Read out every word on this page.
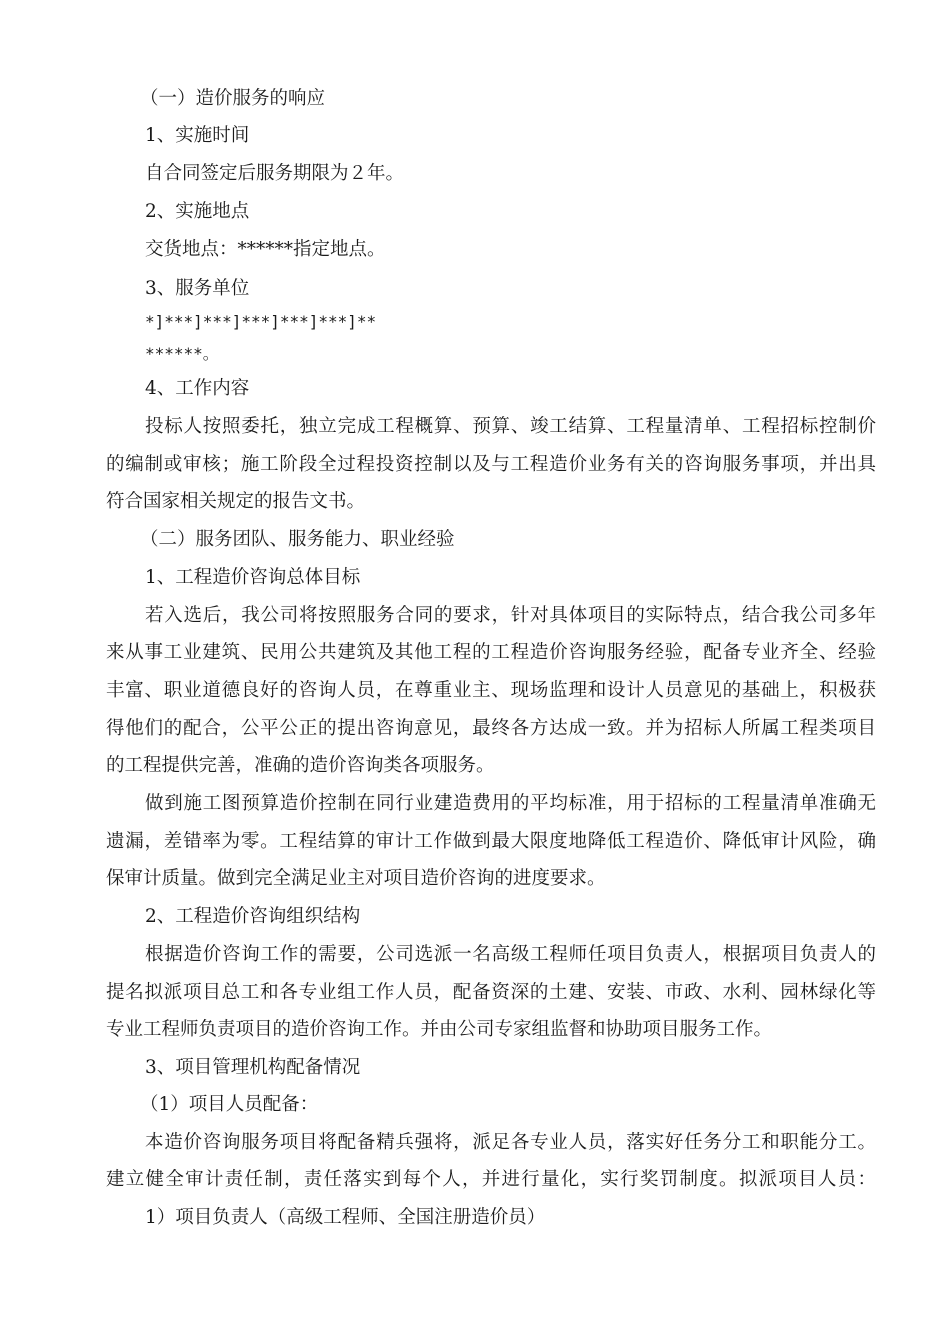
（一）造价服务的响应
1、实施时间
自合同签定后服务期限为２年。
2、实施地点
交货地点：******指定地点。
3、服务单位
*]***]***]***]***]***]**
******。
4、工作内容
投标人按照委托，独立完成工程概算、预算、竣工结算、工程量清单、工程招标控制价
的编制或审核；施工阶段全过程投资控制以及与工程造价业务有关的咨询服务事项，并出具
符合国家相关规定的报告文书。
（二）服务团队、服务能力、职业经验
1、工程造价咨询总体目标
若入选后，我公司将按照服务合同的要求，针对具体项目的实际特点，结合我公司多年
来从事工业建筑、民用公共建筑及其他工程的工程造价咨询服务经验，配备专业齐全、经验
丰富、职业道德良好的咨询人员，在尊重业主、现场监理和设计人员意见的基础上，积极获
得他们的配合，公平公正的提出咨询意见，最终各方达成一致。并为招标人所属工程类项目
的工程提供完善，准确的造价咨询类各项服务。
做到施工图预算造价控制在同行业建造费用的平均标准，用于招标的工程量清单准确无
遗漏，差错率为零。工程结算的审计工作做到最大限度地降低工程造价、降低审计风险，确
保审计质量。做到完全满足业主对项目造价咨询的进度要求。
2、工程造价咨询组织结构
根据造价咨询工作的需要，公司选派一名高级工程师任项目负责人，根据项目负责人的
提名拟派项目总工和各专业组工作人员，配备资深的土建、安装、市政、水利、园林绿化等
专业工程师负责项目的造价咨询工作。并由公司专家组监督和协助项目服务工作。
3、项目管理机构配备情况
（1）项目人员配备：
本造价咨询服务项目将配备精兵强将，派足各专业人员，落实好任务分工和职能分工。
建立健全审计责任制，责任落实到每个人，并进行量化，实行奖罚制度。拟派项目人员：
1）项目负责人（高级工程师、全国注册造价员）
